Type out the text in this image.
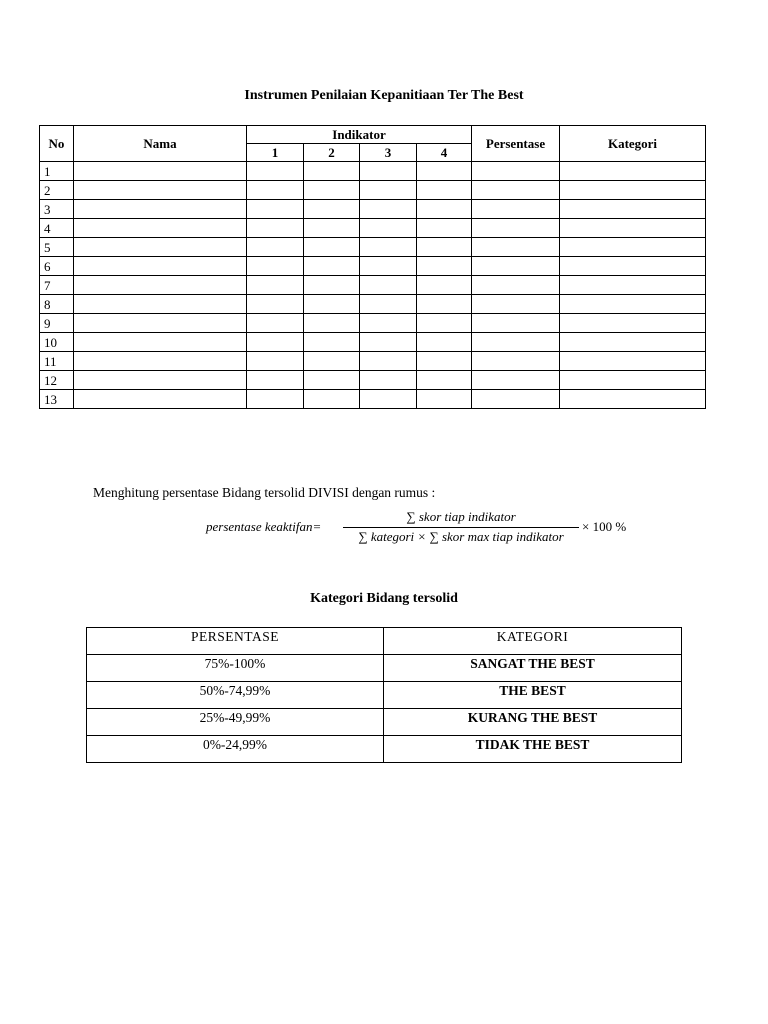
Instrumen Penilaian Kepanitiaan Ter The Best
No	Nama	Indikator				Persentase	Kategori
		1	2	3	4		
1							
2							
3							
4							
5							
6							
7							
8							
9							
10							
11							
12							
13							
Menghitung persentase Bidang tersolid DIVISI dengan rumus :
persentase keaktifan=
∑ skor tiap indikator
∑ kategori × ∑ skor max tiap indikator
× 100 %
Kategori Bidang tersolid
PERSENTASE	KATEGORI
75%-100%	SANGAT THE BEST
50%-74,99%	THE BEST
25%-49,99%	KURANG THE BEST
0%-24,99%	TIDAK THE BEST
